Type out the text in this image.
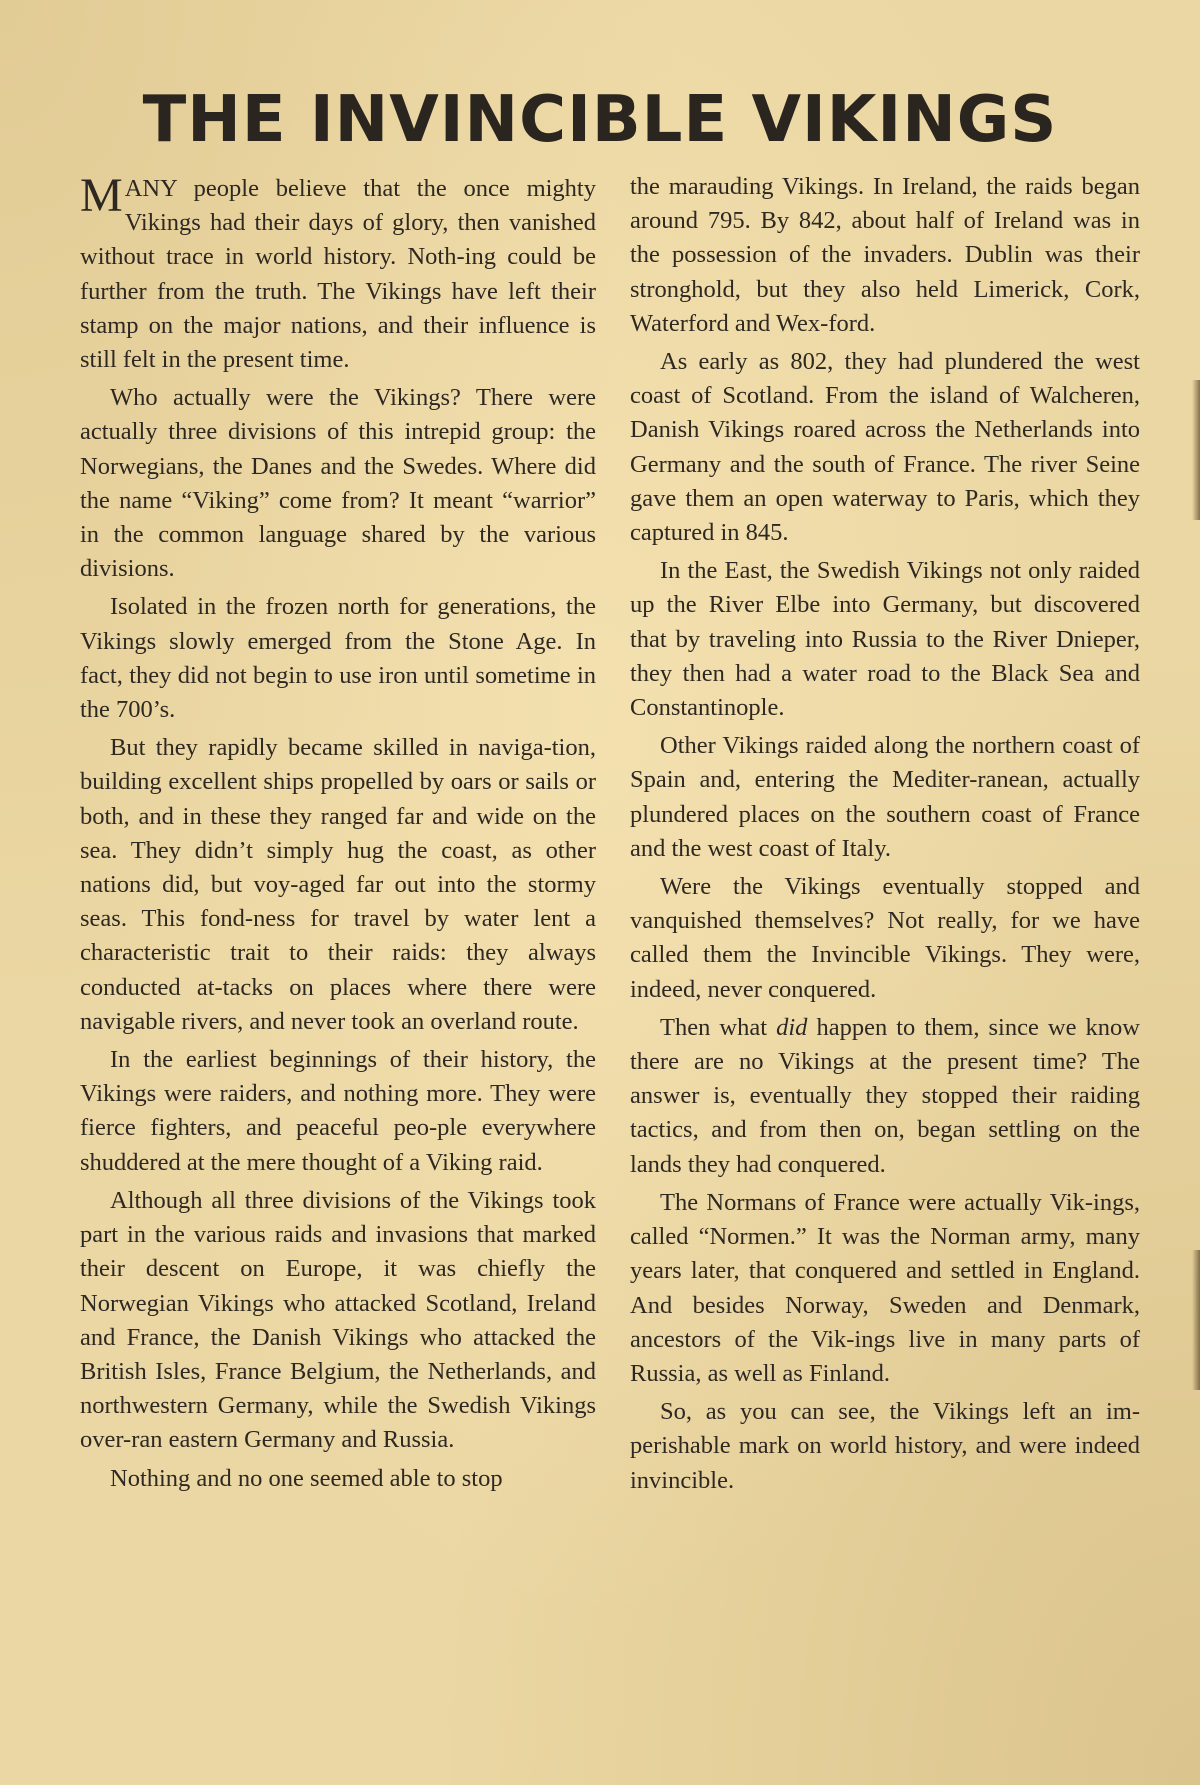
THE INVINCIBLE VIKINGS

MANY people believe that the once mighty Vikings had their days of glory, then vanished without trace in world history. Noth-ing could be further from the truth. The Vikings have left their stamp on the major nations, and their influence is still felt in the present time.

Who actually were the Vikings? There were actually three divisions of this intrepid group: the Norwegians, the Danes and the Swedes. Where did the name “Viking” come from? It meant “warrior” in the common language shared by the various divisions.

Isolated in the frozen north for generations, the Vikings slowly emerged from the Stone Age. In fact, they did not begin to use iron until sometime in the 700’s.

But they rapidly became skilled in naviga-tion, building excellent ships propelled by oars or sails or both, and in these they ranged far and wide on the sea. They didn’t simply hug the coast, as other nations did, but voy-aged far out into the stormy seas. This fond-ness for travel by water lent a characteristic trait to their raids: they always conducted at-tacks on places where there were navigable rivers, and never took an overland route.

In the earliest beginnings of their history, the Vikings were raiders, and nothing more. They were fierce fighters, and peaceful peo-ple everywhere shuddered at the mere thought of a Viking raid.

Although all three divisions of the Vikings took part in the various raids and invasions that marked their descent on Europe, it was chiefly the Norwegian Vikings who attacked Scotland, Ireland and France, the Danish Vikings who attacked the British Isles, France Belgium, the Netherlands, and northwestern Germany, while the Swedish Vikings over-ran eastern Germany and Russia.

Nothing and no one seemed able to stop

the marauding Vikings. In Ireland, the raids began around 795. By 842, about half of Ireland was in the possession of the invaders. Dublin was their stronghold, but they also held Limerick, Cork, Waterford and Wex-ford.

As early as 802, they had plundered the west coast of Scotland. From the island of Walcheren, Danish Vikings roared across the Netherlands into Germany and the south of France. The river Seine gave them an open waterway to Paris, which they captured in 845.

In the East, the Swedish Vikings not only raided up the River Elbe into Germany, but discovered that by traveling into Russia to the River Dnieper, they then had a water road to the Black Sea and Constantinople.

Other Vikings raided along the northern coast of Spain and, entering the Mediter-ranean, actually plundered places on the southern coast of France and the west coast of Italy.

Were the Vikings eventually stopped and vanquished themselves? Not really, for we have called them the Invincible Vikings. They were, indeed, never conquered.

Then what did happen to them, since we know there are no Vikings at the present time? The answer is, eventually they stopped their raiding tactics, and from then on, began settling on the lands they had conquered.

The Normans of France were actually Vik-ings, called “Normen.” It was the Norman army, many years later, that conquered and settled in England. And besides Norway, Sweden and Denmark, ancestors of the Vik-ings live in many parts of Russia, as well as Finland.

So, as you can see, the Vikings left an im-perishable mark on world history, and were indeed invincible.
